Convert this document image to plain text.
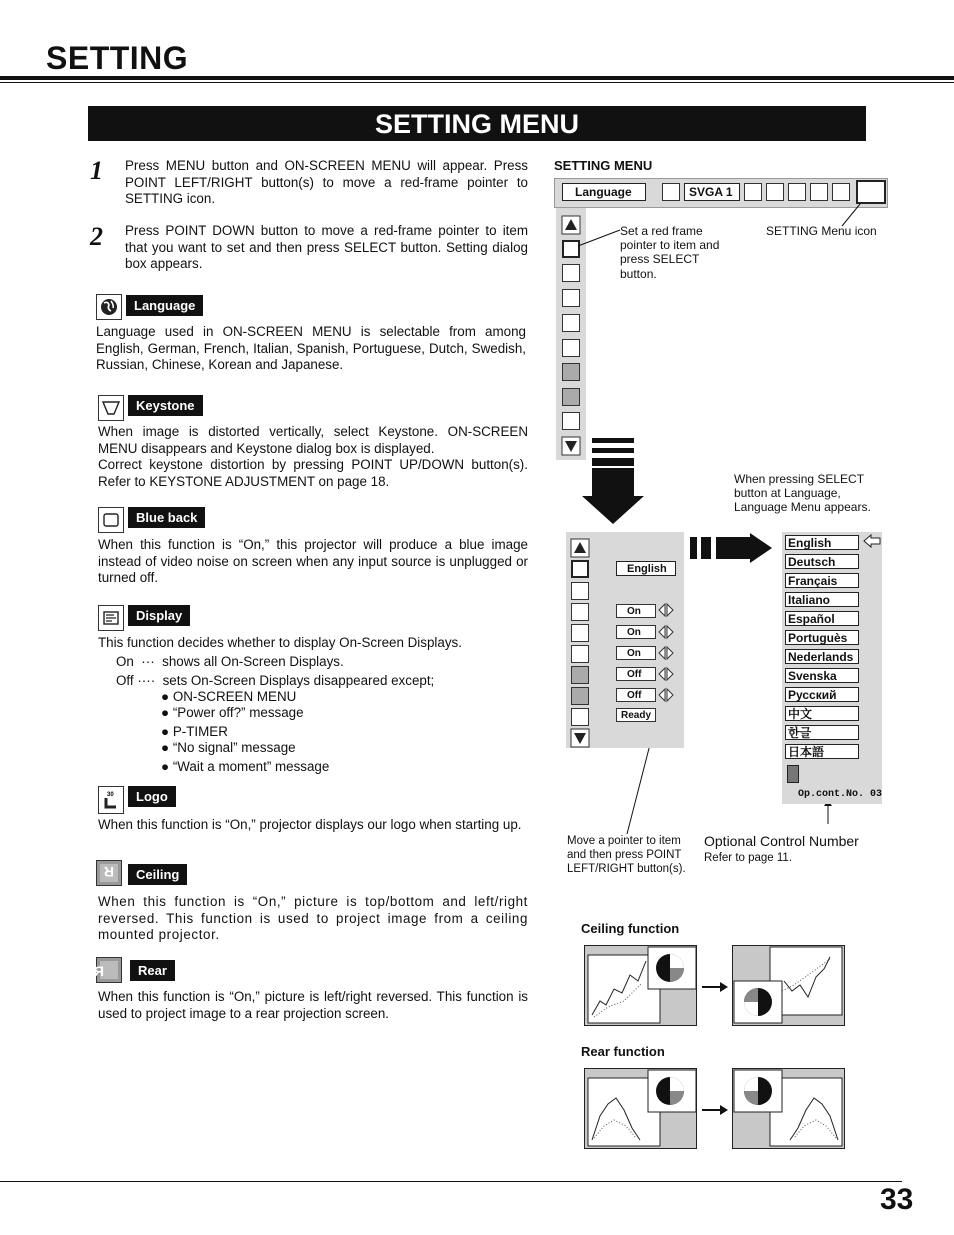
SETTING
SETTING MENU
1 Press MENU button and ON-SCREEN MENU will appear. Press POINT LEFT/RIGHT button(s) to move a red-frame pointer to SETTING icon.
2 Press POINT DOWN button to move a red-frame pointer to item that you want to set and then press SELECT button. Setting dialog box appears.
Language
Language used in ON-SCREEN MENU is selectable from among English, German, French, Italian, Spanish, Portuguese, Dutch, Swedish, Russian, Chinese, Korean and Japanese.
Keystone
When image is distorted vertically, select Keystone. ON-SCREEN MENU disappears and Keystone dialog box is displayed.
Correct keystone distortion by pressing POINT UP/DOWN button(s). Refer to KEYSTONE ADJUSTMENT on page 18.
Blue back
When this function is “On,” this projector will produce a blue image instead of video noise on screen when any input source is unplugged or turned off.
Display
This function decides whether to display On-Screen Displays.
On  ···  shows all On-Screen Displays.
Off ····  sets On-Screen Displays disappeared except;
● ON-SCREEN MENU
● “Power off?” message
● P-TIMER
● “No signal” message
● “Wait a moment” message
30	Logo
When this function is “On,” projector displays our logo when starting up.
R	Ceiling
When this function is “On,” picture is top/bottom and left/right reversed. This function is used to project image from a ceiling mounted projector.
R	Rear
When this function is “On,” picture is left/right reversed. This function is used to project image to a rear projection screen.
SETTING MENU
Language	SVGA 1
Set a red frame pointer to item and press SELECT button.
SETTING Menu icon
When pressing SELECT button at Language, Language Menu appears.
English
On
On
On
Off
Off
Ready
English
Deutsch
Français
Italiano
Español
Portuguès
Nederlands
Svenska
Русский
中文
한글
日本語
Op.cont.No. 03
Move a pointer to item and then press POINT LEFT/RIGHT button(s).
Optional Control Number
Refer to page 11.
Ceiling function
Rear function
33
